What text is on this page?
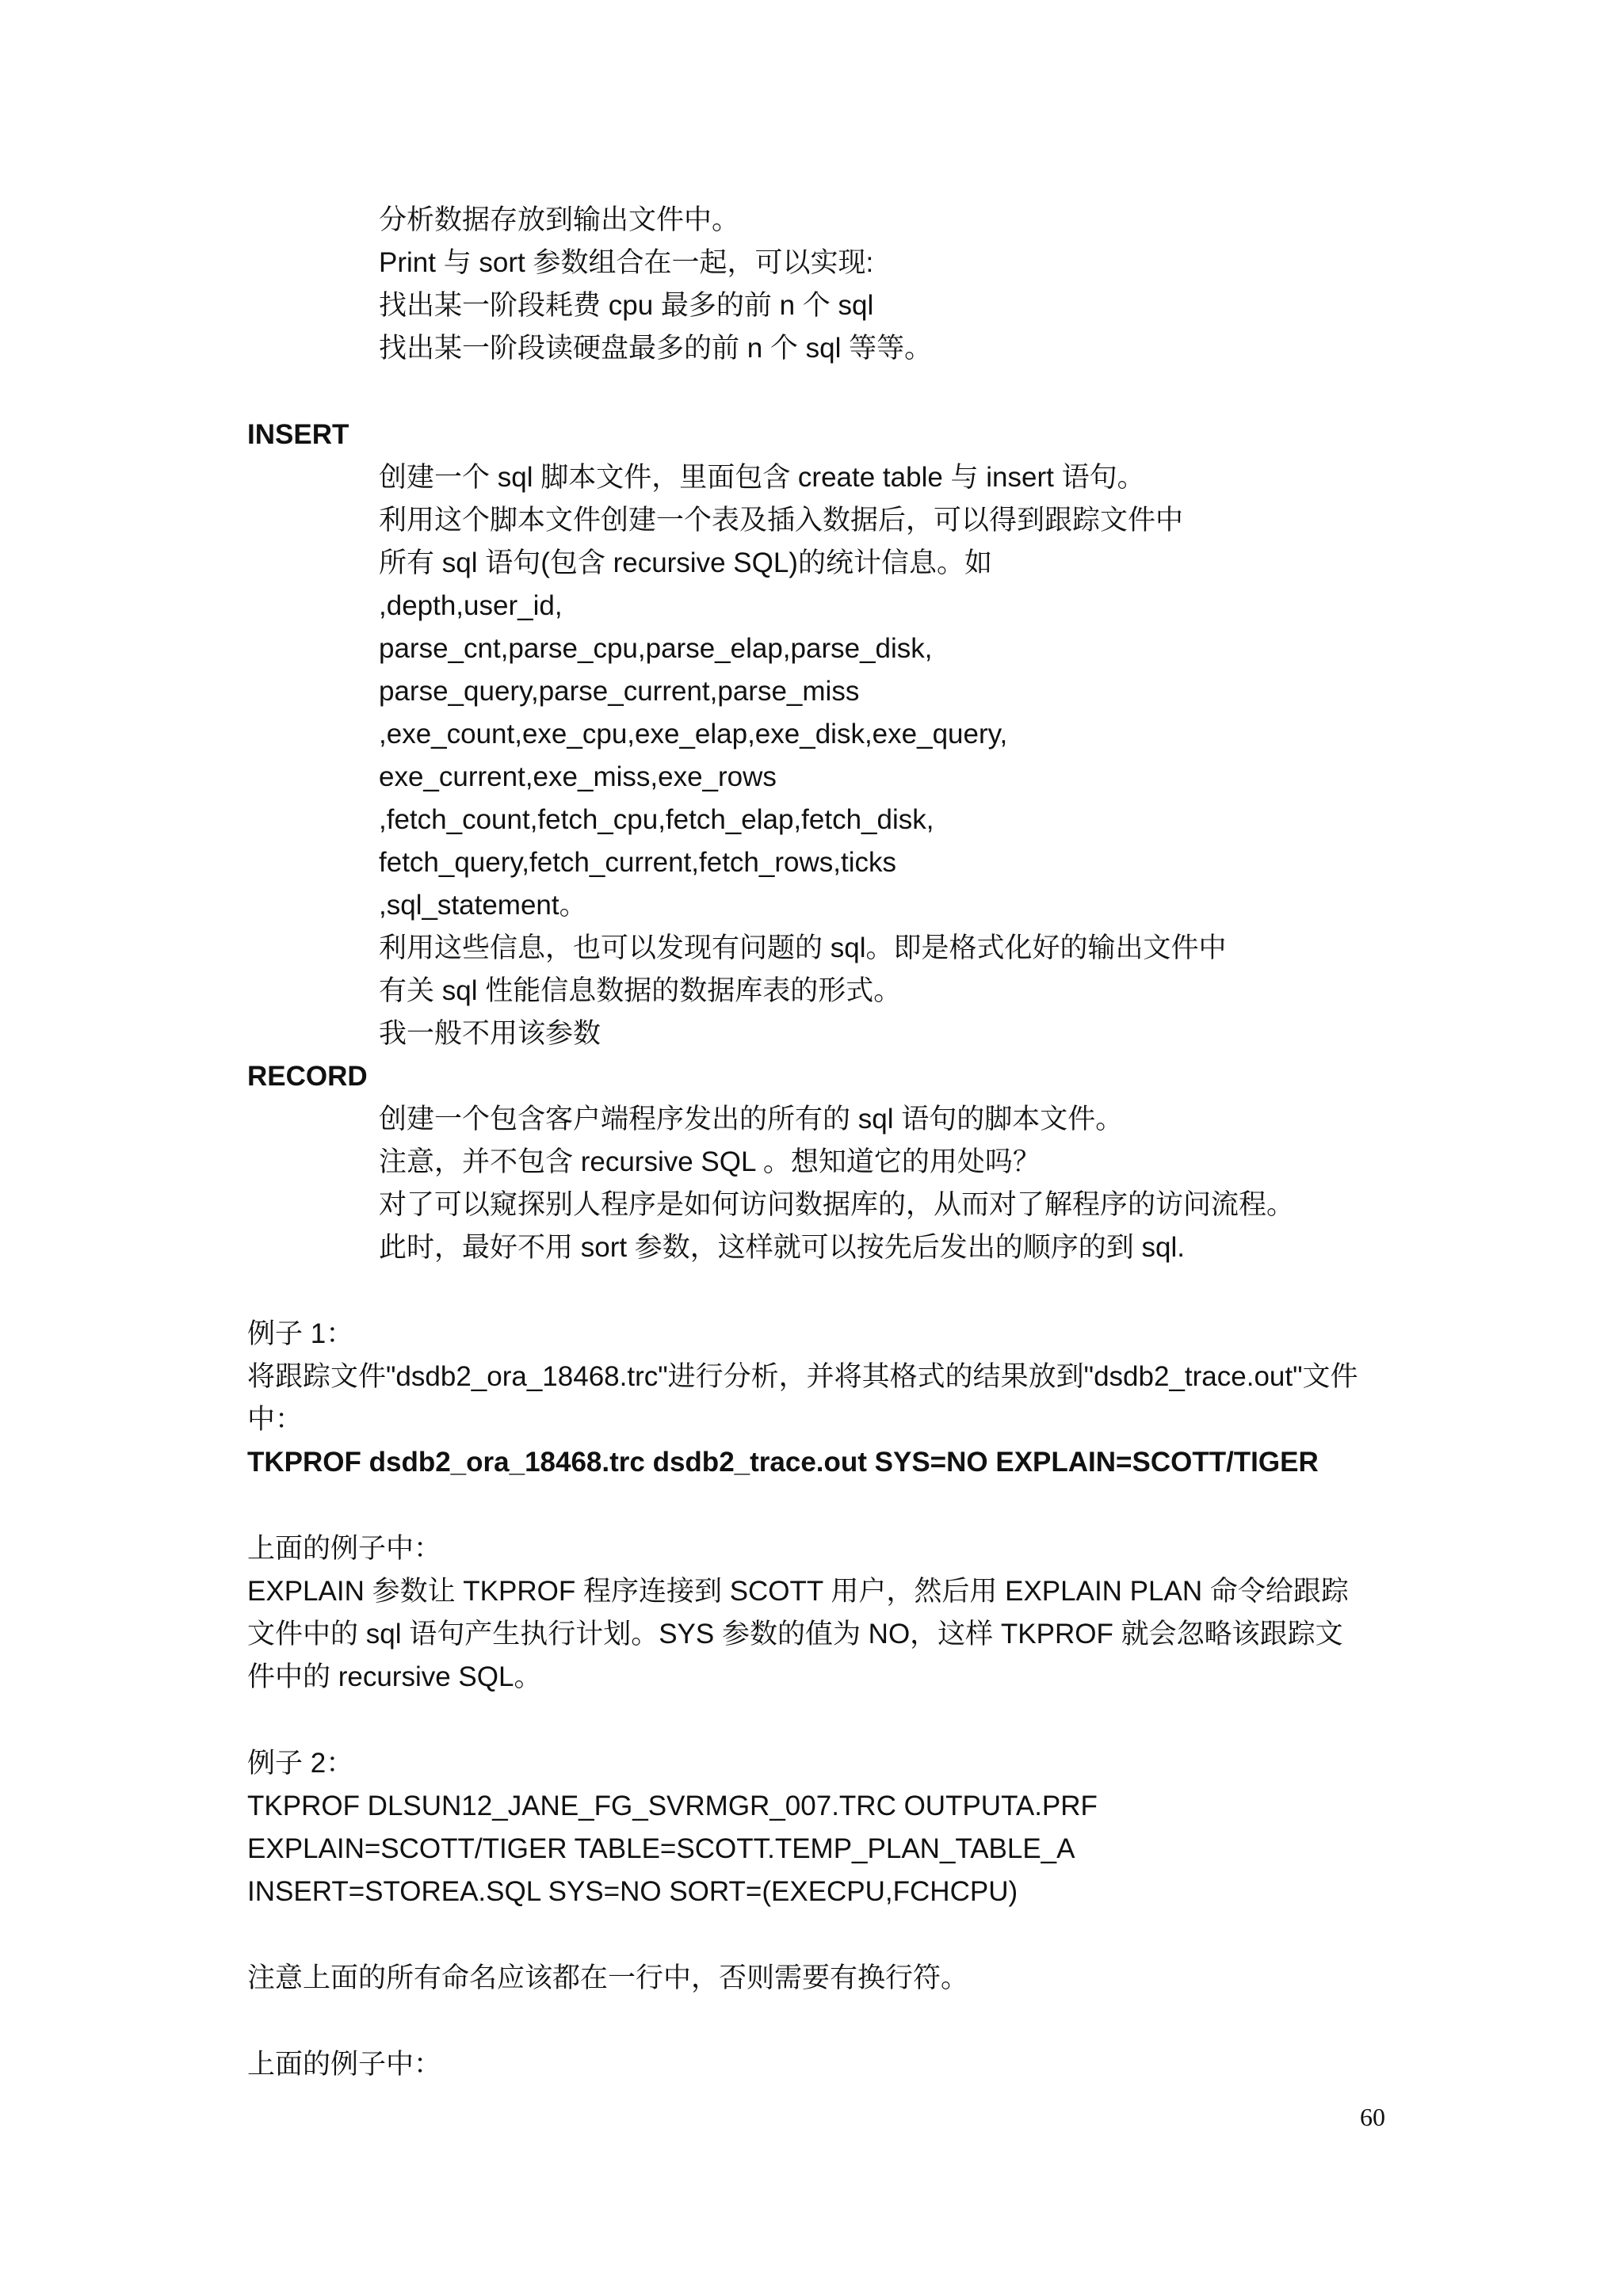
分析数据存放到输出文件中。
Print 与 sort 参数组合在一起，可以实现:
找出某一阶段耗费 cpu 最多的前 n 个 sql
找出某一阶段读硬盘最多的前 n 个 sql 等等。
INSERT
创建一个 sql 脚本文件，里面包含 create table 与 insert 语句。
利用这个脚本文件创建一个表及插入数据后，可以得到跟踪文件中
所有 sql 语句(包含 recursive SQL)的统计信息。如
,depth,user_id,
parse_cnt,parse_cpu,parse_elap,parse_disk,
parse_query,parse_current,parse_miss
,exe_count,exe_cpu,exe_elap,exe_disk,exe_query,
exe_current,exe_miss,exe_rows
,fetch_count,fetch_cpu,fetch_elap,fetch_disk,
fetch_query,fetch_current,fetch_rows,ticks
,sql_statement。
利用这些信息，也可以发现有问题的 sql。即是格式化好的输出文件中
有关 sql 性能信息数据的数据库表的形式。
我一般不用该参数
RECORD
创建一个包含客户端程序发出的所有的 sql 语句的脚本文件。
注意，并不包含 recursive SQL 。想知道它的用处吗？
对了可以窥探别人程序是如何访问数据库的，从而对了解程序的访问流程。
此时，最好不用 sort 参数，这样就可以按先后发出的顺序的到 sql.
例子 1：
将跟踪文件"dsdb2_ora_18468.trc"进行分析，并将其格式的结果放到"dsdb2_trace.out"文件
中：
TKPROF dsdb2_ora_18468.trc dsdb2_trace.out SYS=NO EXPLAIN=SCOTT/TIGER
上面的例子中：
EXPLAIN 参数让 TKPROF 程序连接到 SCOTT 用户，然后用 EXPLAIN PLAN 命令给跟踪
文件中的 sql 语句产生执行计划。SYS 参数的值为 NO，这样 TKPROF 就会忽略该跟踪文
件中的 recursive SQL。
例子 2：
TKPROF DLSUN12_JANE_FG_SVRMGR_007.TRC OUTPUTA.PRF
EXPLAIN=SCOTT/TIGER TABLE=SCOTT.TEMP_PLAN_TABLE_A
INSERT=STOREA.SQL SYS=NO SORT=(EXECPU,FCHCPU)
注意上面的所有命名应该都在一行中，否则需要有换行符。
上面的例子中：
60
